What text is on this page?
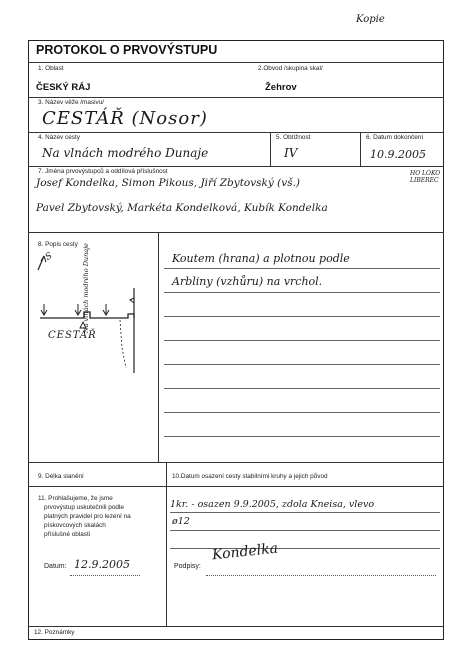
Kopie
PROTOKOL O PRVOVÝSTUPU
1. Oblast	2.Obvod /skupina skal/
ČESKÝ RÁJ	Žehrov
3. Název věže /masivu/
CESTÁŘ (Nosor)
4. Název cesty	5. Obtížnost	6. Datum dokončení
Na vlnách modrého Dunaje	IV	10.9.2005
7. Jména prvovýstupců a oddílová příslušnost
Josef Kondelka, Simon Pikous, Jiří Zbytovský (vš.)
HO LOKO LIBEREC
Pavel Zbytovský, Markéta Kondelková, Kubík Kondelka
8. Popis cesty
S
CESTÁŘ
Na vlnách modrého Dunaje	Koutem (hrana) a plotnou podle
Arbliny (vzhůru) na vrchol.
9. Délka slanění	10.Datum osazení cesty stabilními kruhy a jejich původ
11. Prohlašujeme, že jsme
prvovýstup uskutečnili podle
platných pravidel pro lezení na
pískovcových skalách
příslušné oblasti
1kr. - osazen 9.9.2005, zdola Kneisa, vlevo
ø12
Datum: 12.9.2005	Podpisy:
Kondelka
12. Poznámky
